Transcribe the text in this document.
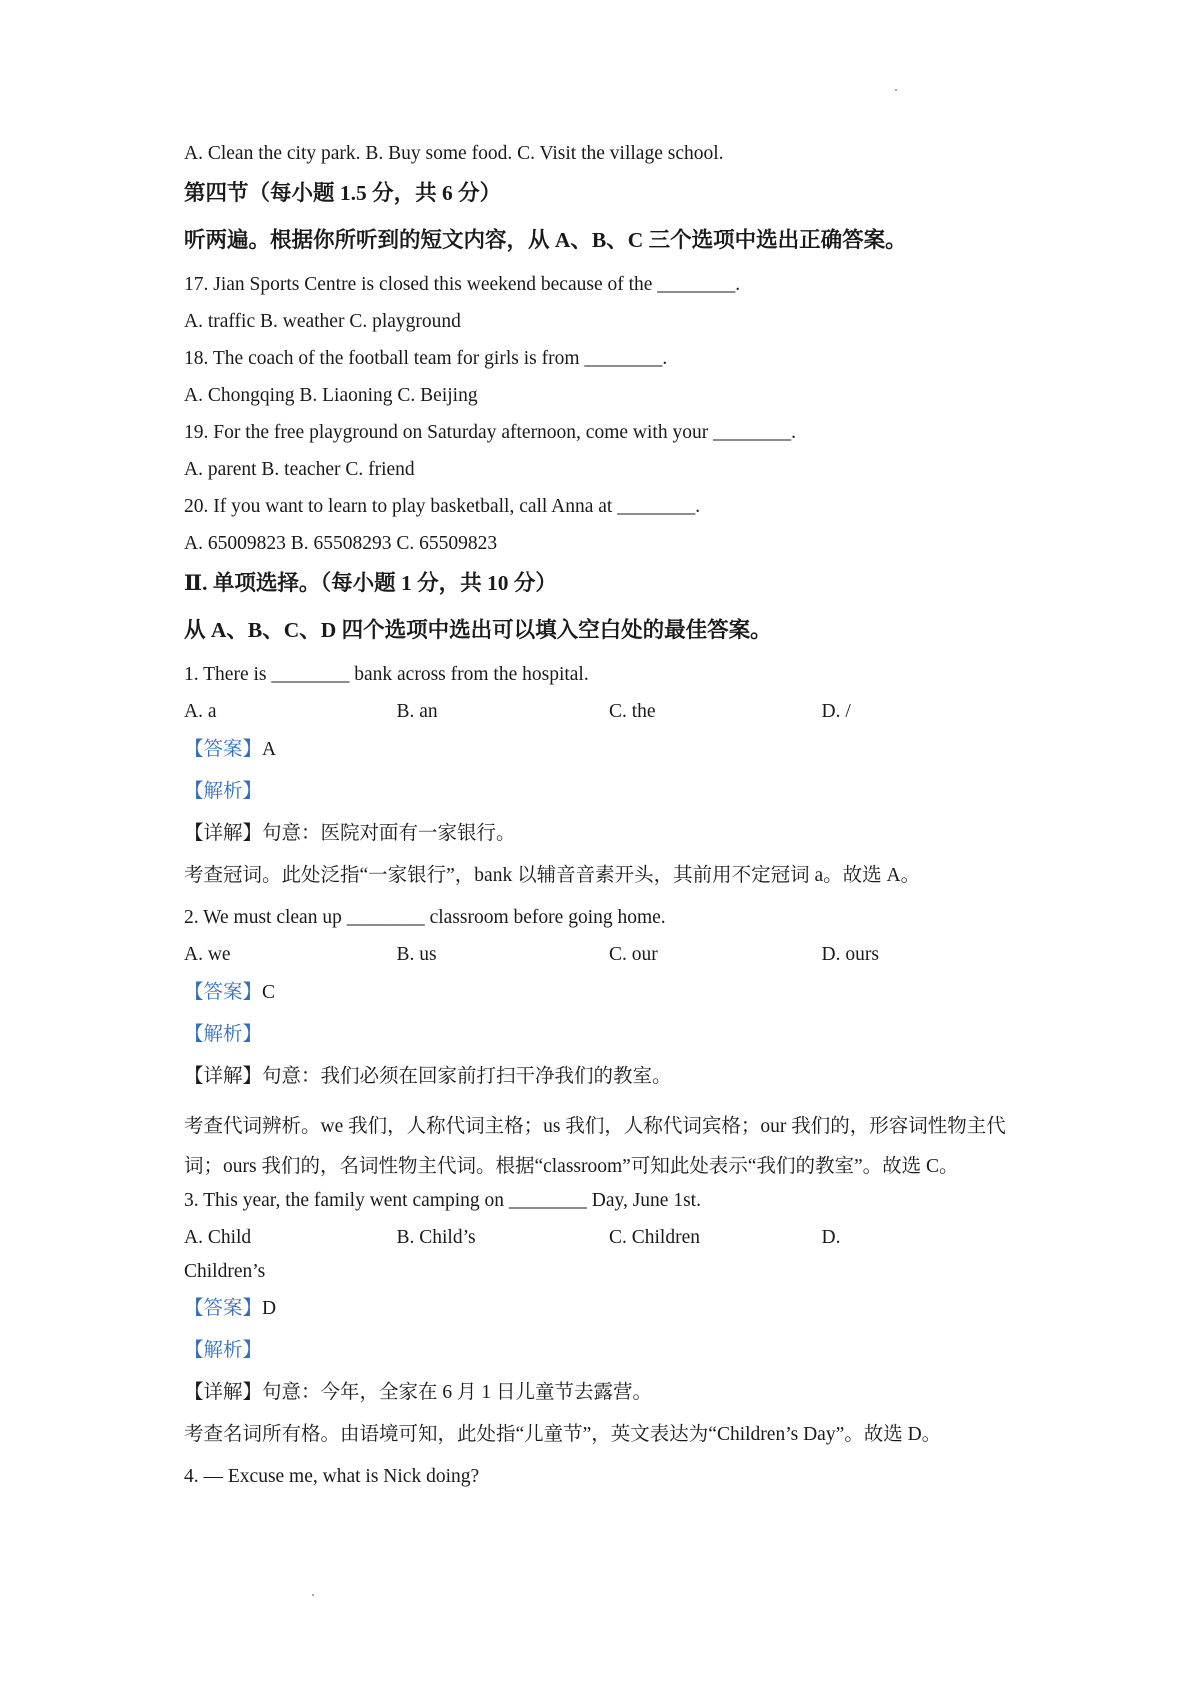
A. Clean the city park. B. Buy some food. C. Visit the village school.
第四节（每小题 1.5 分，共 6 分）
听两遍。根据你所听到的短文内容，从 A、B、C 三个选项中选出正确答案。
17. Jian Sports Centre is closed this weekend because of the ________.
A. traffic B. weather C. playground
18. The coach of the football team for girls is from ________.
A. Chongqing B. Liaoning C. Beijing
19. For the free playground on Saturday afternoon, come with your ________.
A. parent B. teacher C. friend
20. If you want to learn to play basketball, call Anna at ________.
A. 65009823 B. 65508293 C. 65509823
Ⅱ. 单项选择。（每小题 1 分，共 10 分）
从 A、B、C、D 四个选项中选出可以填入空白处的最佳答案。
1. There is ________ bank across from the hospital.
A. a	B. an	C. the	D. /
【答案】A
【解析】
【详解】句意：医院对面有一家银行。
考查冠词。此处泛指“一家银行”，bank 以辅音音素开头，其前用不定冠词 a。故选 A。
2. We must clean up ________ classroom before going home.
A. we	B. us	C. our	D. ours
【答案】C
【解析】
【详解】句意：我们必须在回家前打扫干净我们的教室。
考查代词辨析。we 我们，人称代词主格；us 我们，人称代词宾格；our 我们的，形容词性物主代词；ours 我们的，名词性物主代词。根据“classroom”可知此处表示“我们的教室”。故选 C。
3. This year, the family went camping on ________ Day, June 1st.
A. Child	B. Child’s	C. Children	D.
Children’s
【答案】D
【解析】
【详解】句意：今年，全家在 6 月 1 日儿童节去露营。
考查名词所有格。由语境可知，此处指“儿童节”，英文表达为“Children’s Day”。故选 D。
4. — Excuse me, what is Nick doing?
